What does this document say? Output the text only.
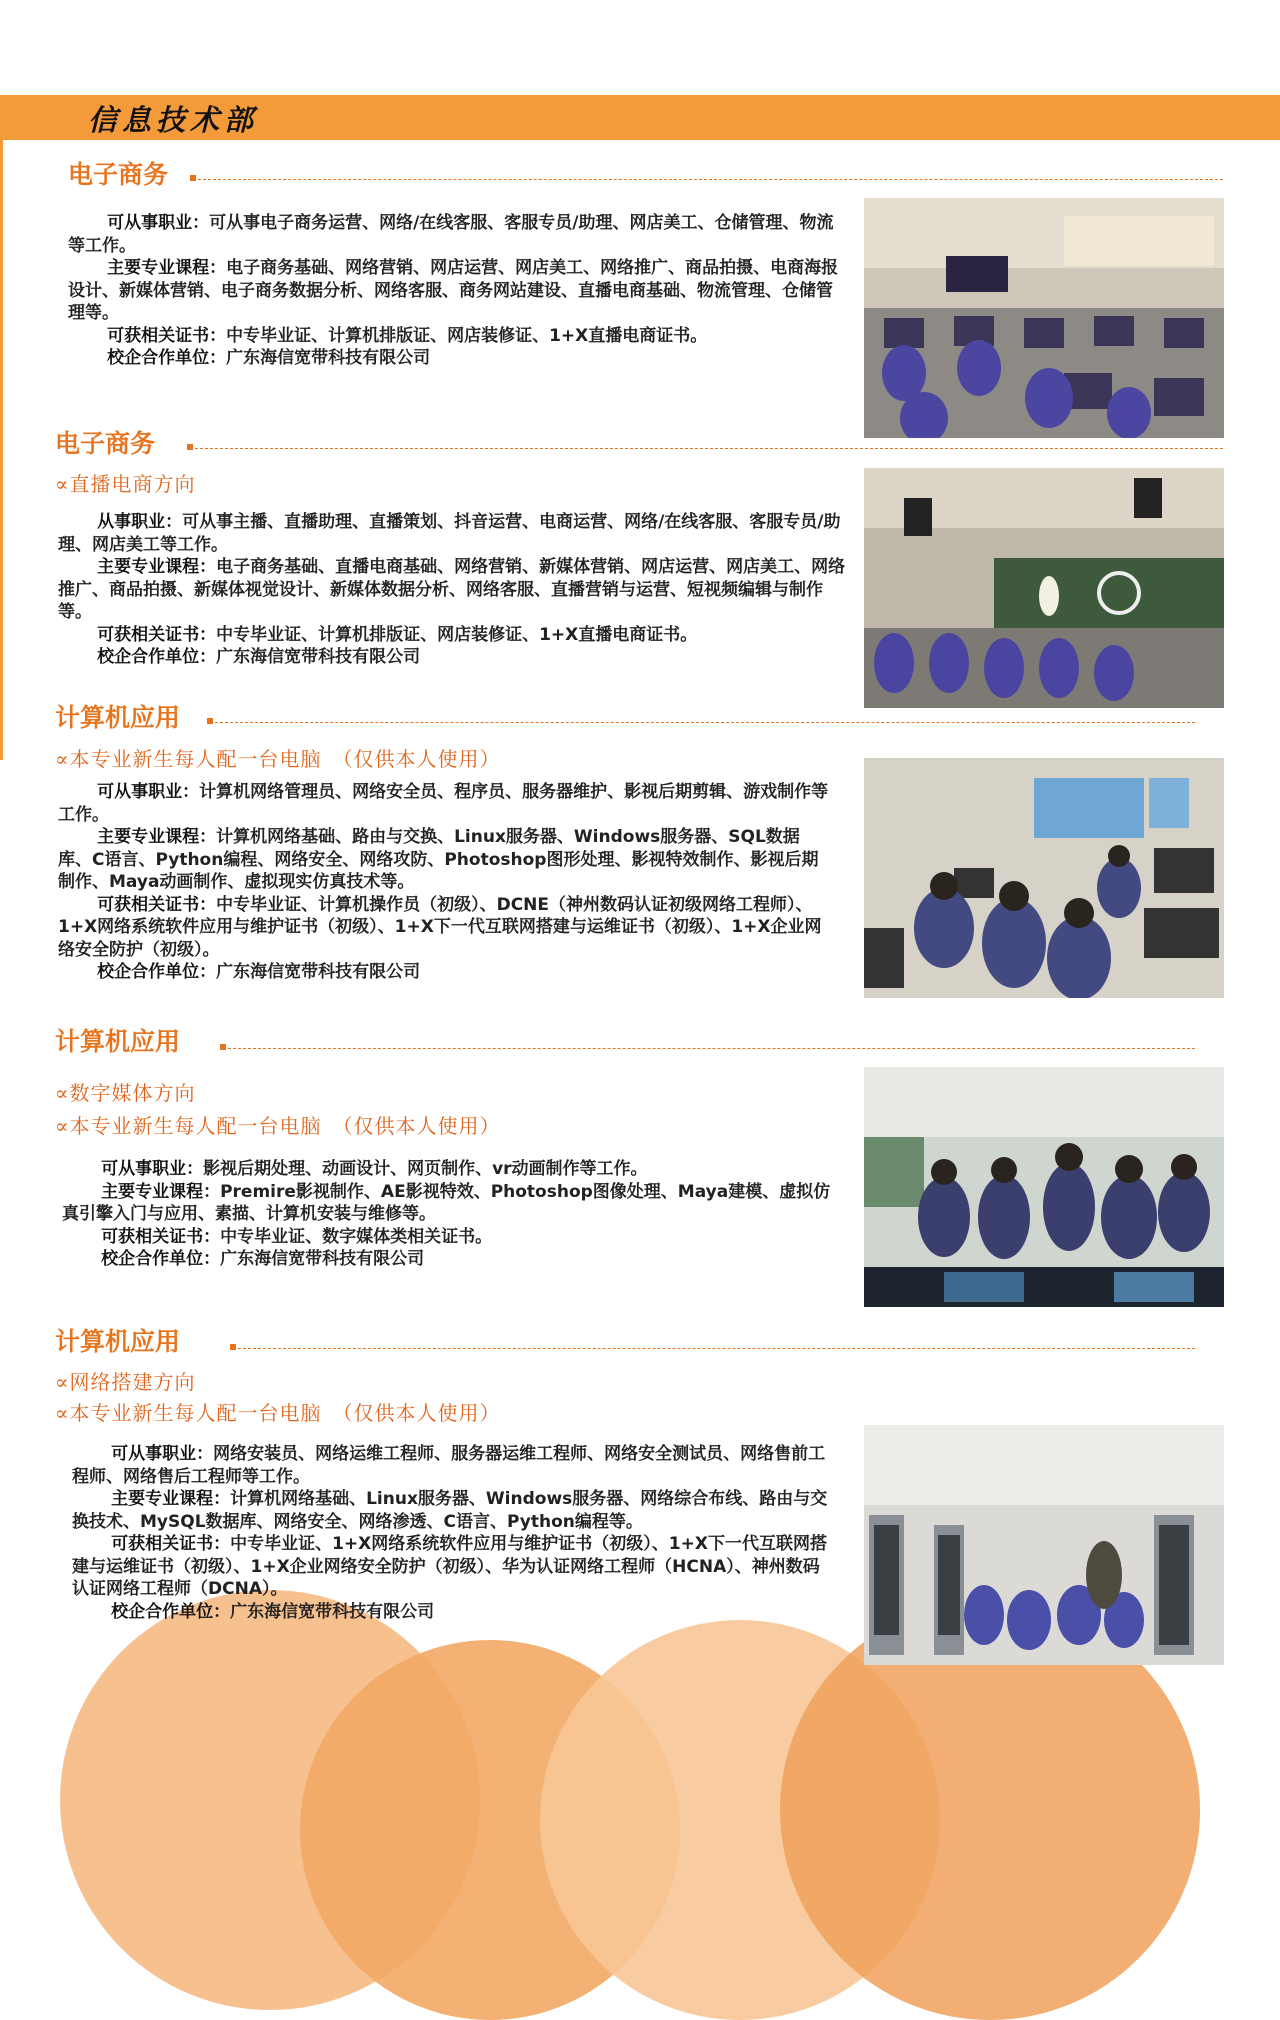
信息技术部
电子商务

可从事职业：可从事电子商务运营、网络/在线客服、客服专员/助理、网店美工、仓储管理、物流等工作。

主要专业课程：电子商务基础、网络营销、网店运营、网店美工、网络推广、商品拍摄、电商海报设计、新媒体营销、电子商务数据分析、网络客服、商务网站建设、直播电商基础、物流管理、仓储管理等。

可获相关证书：中专毕业证、计算机排版证、网店装修证、1+X直播电商证书。

校企合作单位：广东海信宽带科技有限公司

电子商务
∝直播电商方向

从事职业：可从事主播、直播助理、直播策划、抖音运营、电商运营、网络/在线客服、客服专员/助理、网店美工等工作。

主要专业课程：电子商务基础、直播电商基础、网络营销、新媒体营销、网店运营、网店美工、网络推广、商品拍摄、新媒体视觉设计、新媒体数据分析、网络客服、直播营销与运营、短视频编辑与制作等。

可获相关证书：中专毕业证、计算机排版证、网店装修证、1+X直播电商证书。

校企合作单位：广东海信宽带科技有限公司

计算机应用
∝本专业新生每人配一台电脑　（仅供本人使用）

可从事职业：计算机网络管理员、网络安全员、程序员、服务器维护、影视后期剪辑、游戏制作等工作。

主要专业课程：计算机网络基础、路由与交换、Linux服务器、Windows服务器、SQL数据库、C语言、Python编程、网络安全、网络攻防、Photoshop图形处理、影视特效制作、影视后期制作、Maya动画制作、虚拟现实仿真技术等。

可获相关证书：中专毕业证、计算机操作员（初级）、DCNE（神州数码认证初级网络工程师）、1+X网络系统软件应用与维护证书（初级）、1+X下一代互联网搭建与运维证书（初级）、1+X企业网络安全防护（初级）。

校企合作单位：广东海信宽带科技有限公司

计算机应用
∝数字媒体方向
∝本专业新生每人配一台电脑　（仅供本人使用）

可从事职业：影视后期处理、动画设计、网页制作、vr动画制作等工作。

主要专业课程：Premire影视制作、AE影视特效、Photoshop图像处理、Maya建模、虚拟仿真引擎入门与应用、素描、计算机安装与维修等。

可获相关证书：中专毕业证、数字媒体类相关证书。

校企合作单位：广东海信宽带科技有限公司

计算机应用
∝网络搭建方向
∝本专业新生每人配一台电脑　（仅供本人使用）

可从事职业：网络安装员、网络运维工程师、服务器运维工程师、网络安全测试员、网络售前工程师、网络售后工程师等工作。

主要专业课程：计算机网络基础、Linux服务器、Windows服务器、网络综合布线、路由与交换技术、MySQL数据库、网络安全、网络渗透、C语言、Python编程等。

可获相关证书：中专毕业证、1+X网络系统软件应用与维护证书（初级）、1+X下一代互联网搭建与运维证书（初级）、1+X企业网络安全防护（初级）、华为认证网络工程师（HCNA）、神州数码认证网络工程师（DCNA）。

校企合作单位：广东海信宽带科技有限公司
